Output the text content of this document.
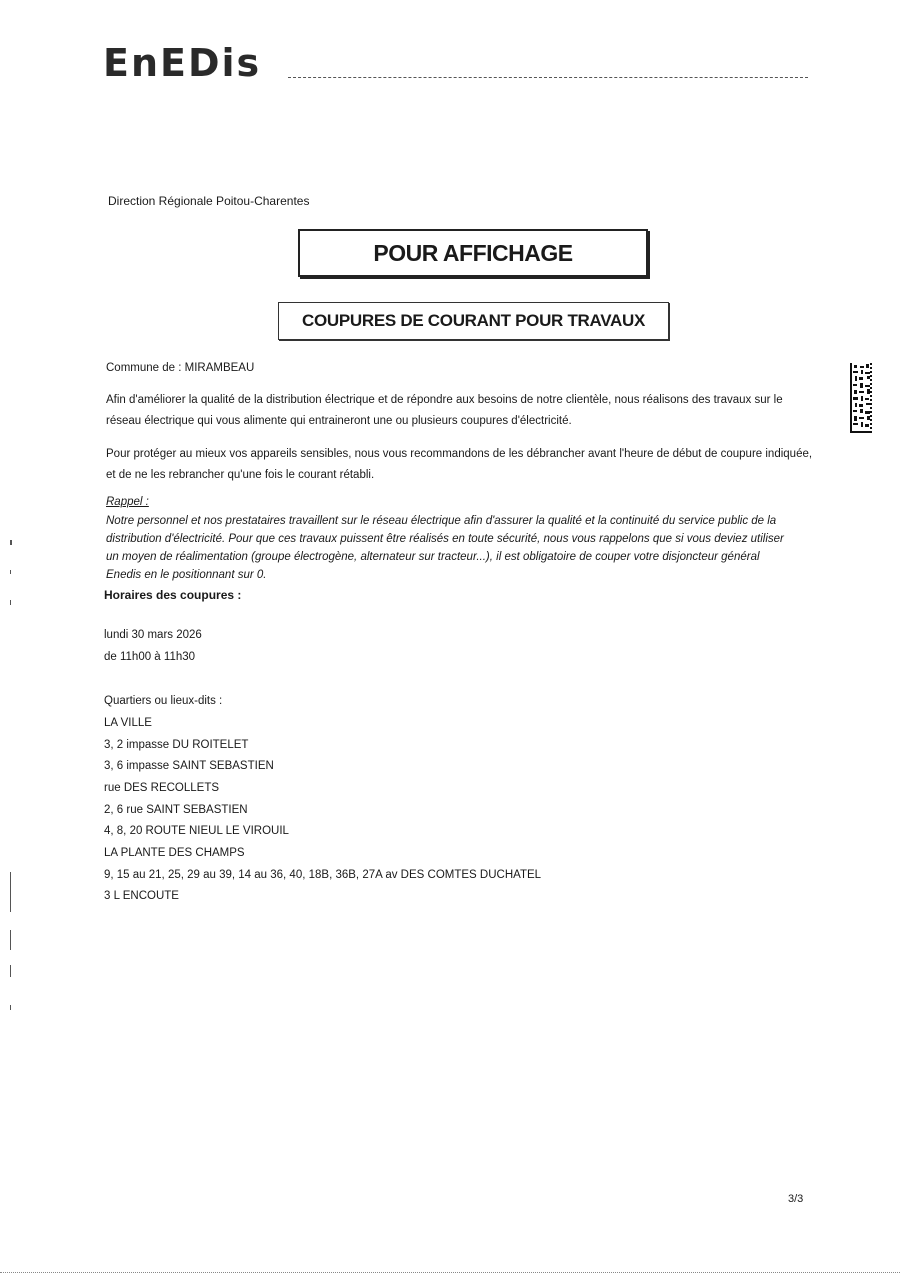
EnEDis
Direction Régionale Poitou-Charentes
POUR AFFICHAGE
COUPURES DE COURANT POUR TRAVAUX
Commune de : MIRAMBEAU
Afin d'améliorer la qualité de la distribution électrique et de répondre aux besoins de notre clientèle, nous réalisons des travaux sur le réseau électrique qui vous alimente qui entraineront une ou plusieurs coupures d'électricité.
Pour protéger au mieux vos appareils sensibles, nous vous recommandons de les débrancher avant l'heure de début de coupure indiquée, et de ne les rebrancher qu'une fois le courant rétabli.
Rappel :
Notre personnel et nos prestataires travaillent sur le réseau électrique afin d'assurer la qualité et la continuité du service public de la distribution d'électricité. Pour que ces travaux puissent être réalisés en toute sécurité, nous vous rappelons que si vous deviez utiliser un moyen de réalimentation (groupe électrogène, alternateur sur tracteur...), il est obligatoire de couper votre disjoncteur général Enedis en le positionnant sur 0.
Horaires des coupures :
lundi 30 mars 2026
de 11h00 à 11h30
Quartiers ou lieux-dits :
LA VILLE
3, 2 impasse DU ROITELET
3, 6 impasse SAINT SEBASTIEN
rue DES RECOLLETS
2, 6 rue SAINT SEBASTIEN
4, 8, 20 ROUTE NIEUL LE VIROUIL
LA PLANTE DES CHAMPS
9, 15 au 21, 25, 29 au 39, 14 au 36, 40, 18B, 36B, 27A av DES COMTES DUCHATEL
3 L ENCOUTE
3/3
